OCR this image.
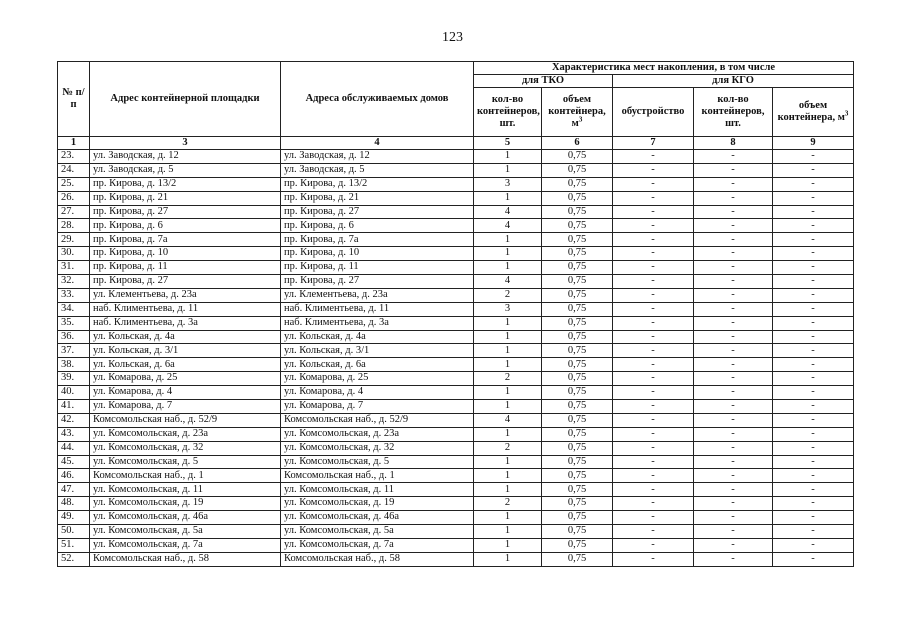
123
№ п/п	Адрес контейнерной площадки	Адреса обслуживаемых домов	Характеристика мест накопления, в том числе				
			для ТКО		для КГО		
			кол-во контейнеров, шт.	объем контейнера, $м^3$	обустройство	кол-во контейнеров, шт.	объем контейнера, $м^3$
1	3	4	5	6	7	8	9
23.	ул. Заводская, д. 12	ул. Заводская, д. 12	1	0,75	-	-	-
24.	ул. Заводская, д. 5	ул. Заводская, д. 5	1	0,75	-	-	-
25.	пр. Кирова, д. 13/2	пр. Кирова, д. 13/2	3	0,75	-	-	-
26.	пр. Кирова, д. 21	пр. Кирова, д. 21	1	0,75	-	-	-
27.	пр. Кирова, д. 27	пр. Кирова, д. 27	4	0,75	-	-	-
28.	пр. Кирова, д. 6	пр. Кирова, д. 6	4	0,75	-	-	-
29.	пр. Кирова, д. 7а	пр. Кирова, д. 7а	1	0,75	-	-	-
30.	пр. Кирова, д. 10	пр. Кирова, д. 10	1	0,75	-	-	-
31.	пр. Кирова, д. 11	пр. Кирова, д. 11	1	0,75	-	-	-
32.	пр. Кирова, д. 27	пр. Кирова, д. 27	4	0,75	-	-	-
33.	ул. Клементьева, д. 23а	ул. Клементьева, д. 23а	2	0,75	-	-	-
34.	наб. Климентьева, д. 11	наб. Климентьева, д. 11	3	0,75	-	-	-
35.	наб. Климентьева, д. 3а	наб. Климентьева, д. 3а	1	0,75	-	-	-
36.	ул. Кольская, д. 4а	ул. Кольская, д. 4а	1	0,75	-	-	-
37.	ул. Кольская, д. 3/1	ул. Кольская, д. 3/1	1	0,75	-	-	-
38.	ул. Кольская, д. 6а	ул. Кольская, д. 6а	1	0,75	-	-	-
39.	ул. Комарова, д. 25	ул. Комарова, д. 25	2	0,75	-	-	-
40.	ул. Комарова, д. 4	ул. Комарова, д. 4	1	0,75	-	-	-
41.	ул. Комарова, д. 7	ул. Комарова, д. 7	1	0,75	-	-	-
42.	Комсомольская наб., д. 52/9	Комсомольская наб., д. 52/9	4	0,75	-	-	-
43.	ул. Комсомольская, д. 23а	ул. Комсомольская, д. 23а	1	0,75	-	-	-
44.	ул. Комсомольская, д. 32	ул. Комсомольская, д. 32	2	0,75	-	-	-
45.	ул. Комсомольская, д. 5	ул. Комсомольская, д. 5	1	0,75	-	-	-
46.	Комсомольская наб., д. 1	Комсомольская наб., д. 1	1	0,75	-	-	-
47.	ул. Комсомольская, д. 11	ул. Комсомольская, д. 11	1	0,75	-	-	-
48.	ул. Комсомольская, д. 19	ул. Комсомольская, д. 19	2	0,75	-	-	-
49.	ул. Комсомольская, д. 46а	ул. Комсомольская, д. 46а	1	0,75	-	-	-
50.	ул. Комсомольская, д. 5а	ул. Комсомольская, д. 5а	1	0,75	-	-	-
51.	ул. Комсомольская, д. 7а	ул. Комсомольская, д. 7а	1	0,75	-	-	-
52.	Комсомольская наб., д. 58	Комсомольская наб., д. 58	1	0,75	-	-	-
